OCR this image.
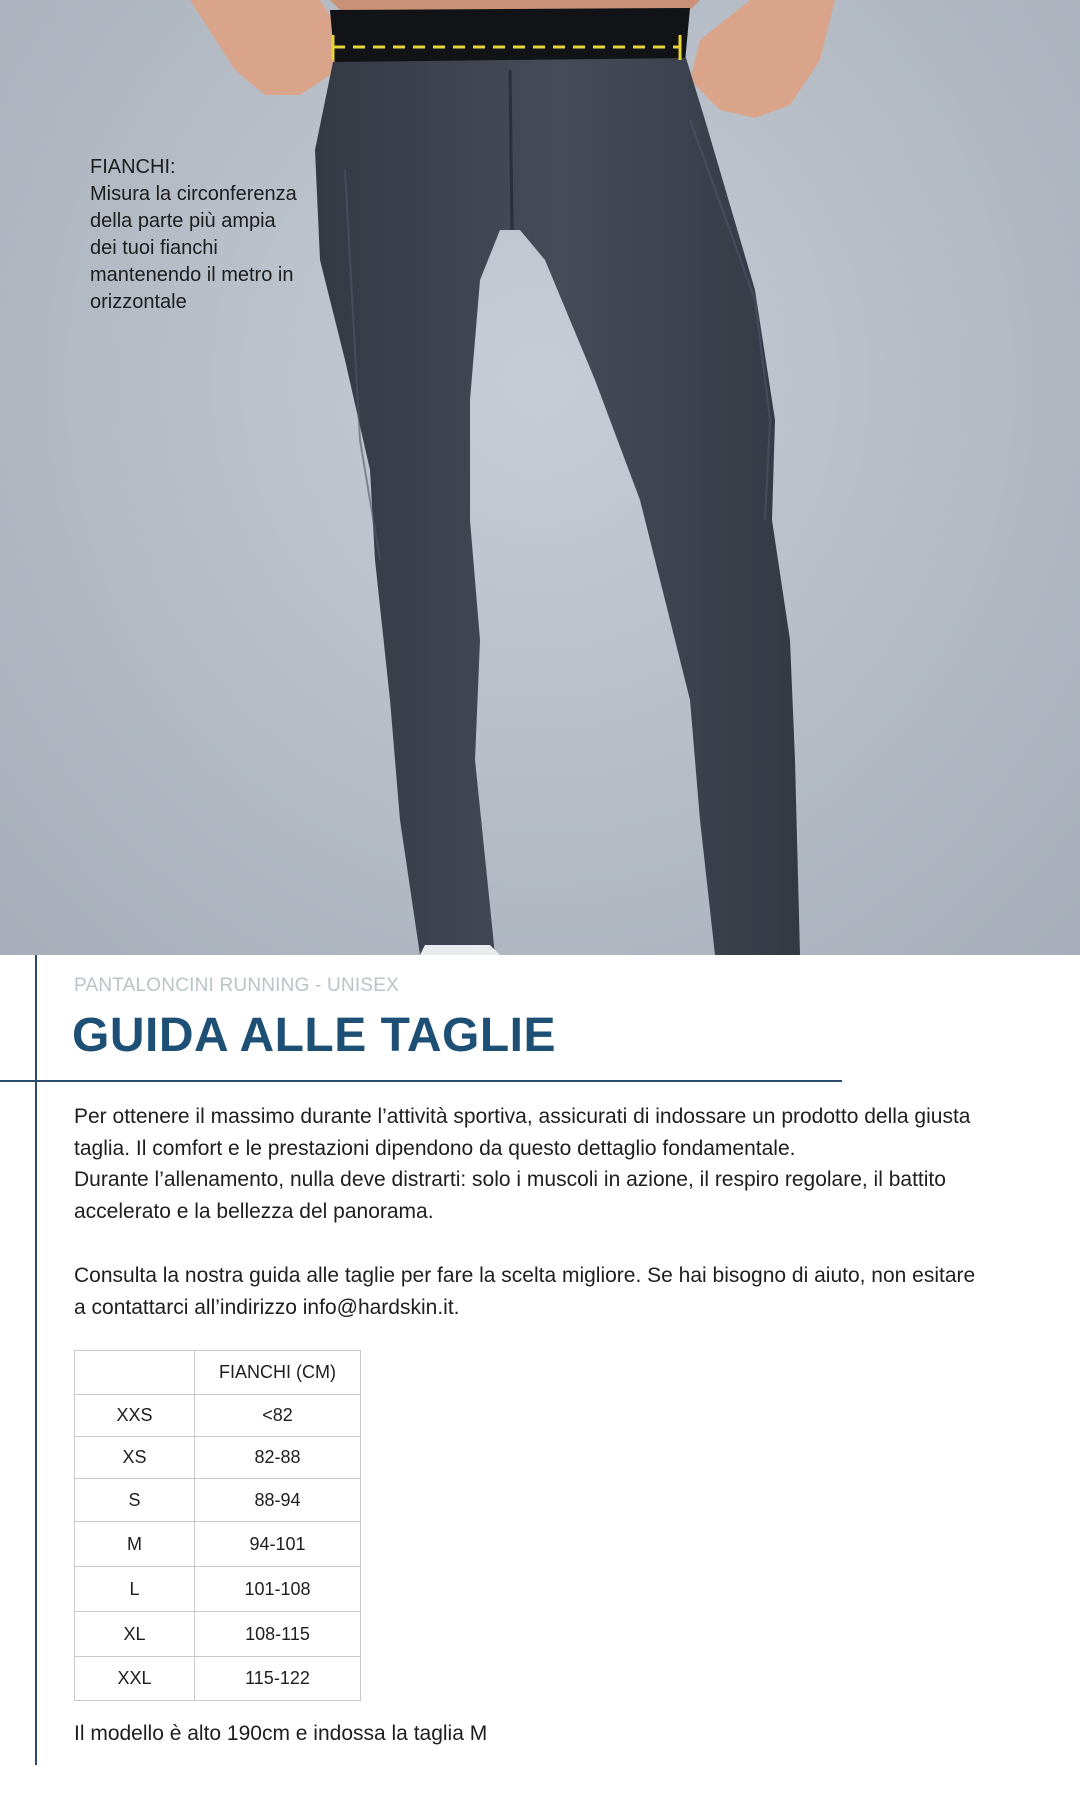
FIANCHI:
Misura la circonferenza
della parte più ampia
dei tuoi fianchi
mantenendo il metro in
orizzontale
PANTALONCINI RUNNING - UNISEX
GUIDA ALLE TAGLIE
Per ottenere il massimo durante l’attività sportiva, assicurati di indossare un prodotto della giusta
taglia. Il comfort e le prestazioni dipendono da questo dettaglio fondamentale.
Durante l’allenamento, nulla deve distrarti: solo i muscoli in azione, il respiro regolare, il battito
accelerato e la bellezza del panorama.
Consulta la nostra guida alle taglie per fare la scelta migliore. Se hai bisogno di aiuto, non esitare
a contattarci all’indirizzo info@hardskin.it.
	FIANCHI (CM)
XXS	<82
XS	82-88
S	88-94
M	94-101
L	101-108
XL	108-115
XXL	115-122
Il modello è alto 190cm e indossa la taglia M
